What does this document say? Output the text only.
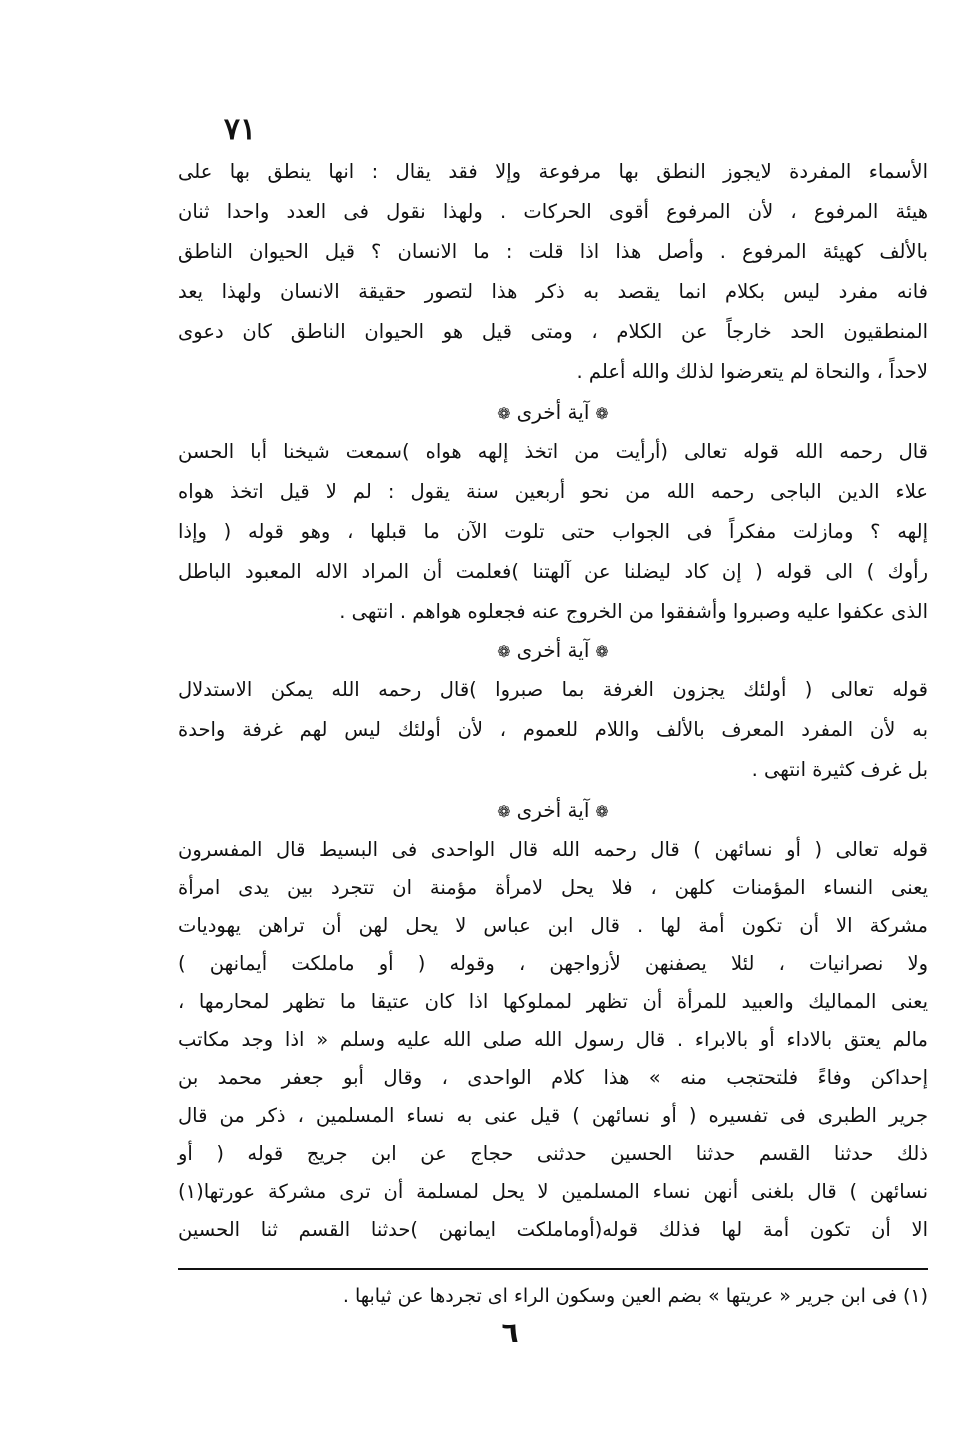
٧١
الأسماء المفردة لايجوز النطق بها مرفوعة وإلا فقد يقال : انها ينطق بها على
هيئة المرفوع ، لأن المرفوع أقوى الحركات . ولهذا نقول فى العدد واحدا ثنان
بالألف كهيئة المرفوع . وأصل هذا اذا قلت : ما الانسان ؟ قيل الحيوان الناطق
فانه مفرد ليس بكلام انما يقصد به ذكر هذا لتصور حقيقة الانسان ولهذا يعد
المنطقيون الحد خارجاً عن الكلام ، ومتى قيل هو الحيوان الناطق كان دعوى
لاحداً ، والنحاة لم يتعرضوا لذلك والله أعلم .
❁آية أخرى❁
قال رحمه الله قوله تعالى (أرأيت من اتخذ إلهه هواه )سمعت شيخنا أبا الحسن
علاء الدين الباجى رحمه الله من نحو أربعين سنة يقول : لم لا قيل اتخذ هواه
إلهه ؟ ومازلت مفكراً فى الجواب حتى تلوت الآن ما قبلها ، وهو قوله ( وإذا
رأوك ) الى قوله ( إن كاد ليضلنا عن آلهتنا )فعلمت أن المراد الاله المعبود الباطل
الذى عكفوا عليه وصبروا وأشفقوا من الخروج عنه فجعلوه هواهم . انتهى .
❁آية أخرى❁
قوله تعالى ( أولئك يجزون الغرفة بما صبروا )قال رحمه الله يمكن الاستدلال
به لأن المفرد المعرف بالألف واللام للعموم ، لأن أولئك ليس لهم غرفة واحدة
بل غرف كثيرة انتهى .
❁آية أخرى❁
قوله تعالى ( أو نسائهن ) قال رحمه الله قال الواحدى فى البسيط قال المفسرون
يعنى النساء المؤمنات كلهن ، فلا يحل لامرأة مؤمنة ان تتجرد بين يدى امرأة
مشركة الا أن تكون أمة لها . قال ابن عباس لا يحل لهن أن تراهن يهوديات
ولا نصرانيات ، لئلا يصفنهن لأزواجهن ، وقوله ( أو ماملكت أيمانهن )
يعنى المماليك والعبيد للمرأة أن تظهر لمملوكها اذا كان عتيقا ما تظهر لمحارمها ،
مالم يعتق بالاداء أو بالابراء . قال رسول الله صلى الله عليه وسلم « اذا وجد مكاتب
إحداكن وفاءً فلتحتجب منه » هذا كلام الواحدى ، وقال أبو جعفر محمد بن
جرير الطبرى فى تفسيره ( أو نسائهن ) قيل عنى به نساء المسلمين ، ذكر من قال
ذلك حدثنا القسم حدثنا الحسين حدثنى حجاج عن ابن جريج قوله ( أو
نسائهن ) قال بلغنى أنهن نساء المسلمين لا يحل لمسلمة أن ترى مشركة عورتها(١)
الا أن تكون أمة لها فذلك قوله(أوماملكت ايمانهن )حدثنا القسم ثنا الحسين
(١) فى ابن جرير « عريتها » بضم العين وسكون الراء اى تجردها عن ثيابها .
٦
